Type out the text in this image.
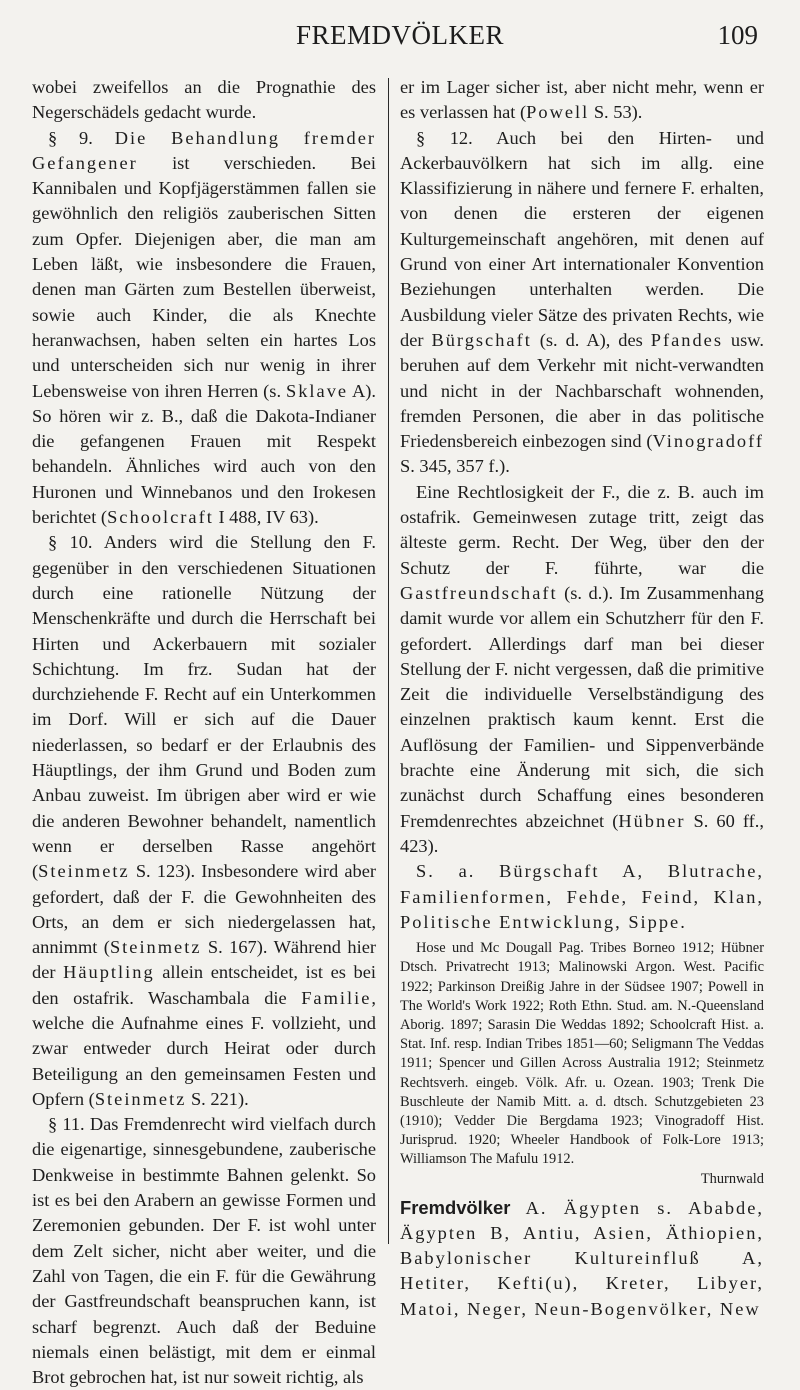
FREMDVÖLKER	109

wobei zweifellos an die Prognathie des Negerschädels gedacht wurde.

§ 9. Die Behandlung fremder Gefangener ist verschieden. Bei Kannibalen und Kopfjägerstämmen fallen sie gewöhnlich den religiös zauberischen Sitten zum Opfer. Diejenigen aber, die man am Leben läßt, wie insbesondere die Frauen, denen man Gärten zum Bestellen überweist, sowie auch Kinder, die als Knechte heranwachsen, haben selten ein hartes Los und unterscheiden sich nur wenig in ihrer Lebensweise von ihren Herren (s. Sklave A). So hören wir z. B., daß die Dakota-Indianer die gefangenen Frauen mit Respekt behandeln. Ähnliches wird auch von den Huronen und Winnebanos und den Irokesen berichtet (Schoolcraft I 488, IV 63).

§ 10. Anders wird die Stellung den F. gegenüber in den verschiedenen Situationen durch eine rationelle Nützung der Menschenkräfte und durch die Herrschaft bei Hirten und Ackerbauern mit sozialer Schichtung. Im frz. Sudan hat der durchziehende F. Recht auf ein Unterkommen im Dorf. Will er sich auf die Dauer niederlassen, so bedarf er der Erlaubnis des Häuptlings, der ihm Grund und Boden zum Anbau zuweist. Im übrigen aber wird er wie die anderen Bewohner behandelt, namentlich wenn er derselben Rasse angehört (Steinmetz S. 123). Insbesondere wird aber gefordert, daß der F. die Gewohnheiten des Orts, an dem er sich niedergelassen hat, annimmt (Steinmetz S. 167). Während hier der Häuptling allein entscheidet, ist es bei den ostafrik. Waschambala die Familie, welche die Aufnahme eines F. vollzieht, und zwar entweder durch Heirat oder durch Beteiligung an den gemeinsamen Festen und Opfern (Steinmetz S. 221).

§ 11. Das Fremdenrecht wird vielfach durch die eigenartige, sinnesgebundene, zauberische Denkweise in bestimmte Bahnen gelenkt. So ist es bei den Arabern an gewisse Formen und Zeremonien gebunden. Der F. ist wohl unter dem Zelt sicher, nicht aber weiter, und die Zahl von Tagen, die ein F. für die Gewährung der Gastfreundschaft beanspruchen kann, ist scharf begrenzt. Auch daß der Beduine niemals einen belästigt, mit dem er einmal Brot gebrochen hat, ist nur soweit richtig, als

er im Lager sicher ist, aber nicht mehr, wenn er es verlassen hat (Powell S. 53).

§ 12. Auch bei den Hirten- und Ackerbauvölkern hat sich im allg. eine Klassifizierung in nähere und fernere F. erhalten, von denen die ersteren der eigenen Kulturgemeinschaft angehören, mit denen auf Grund von einer Art internationaler Konvention Beziehungen unterhalten werden. Die Ausbildung vieler Sätze des privaten Rechts, wie der Bürgschaft (s. d. A), des Pfandes usw. beruhen auf dem Verkehr mit nicht-verwandten und nicht in der Nachbarschaft wohnenden, fremden Personen, die aber in das politische Friedensbereich einbezogen sind (Vinogradoff S. 345, 357 f.).

Eine Rechtlosigkeit der F., die z. B. auch im ostafrik. Gemeinwesen zutage tritt, zeigt das älteste germ. Recht. Der Weg, über den der Schutz der F. führte, war die Gastfreundschaft (s. d.). Im Zusammenhang damit wurde vor allem ein Schutzherr für den F. gefordert. Allerdings darf man bei dieser Stellung der F. nicht vergessen, daß die primitive Zeit die individuelle Verselbständigung des einzelnen praktisch kaum kennt. Erst die Auflösung der Familien- und Sippenverbände brachte eine Änderung mit sich, die sich zunächst durch Schaffung eines besonderen Fremdenrechtes abzeichnet (Hübner S. 60 ff., 423).

S. a. Bürgschaft A, Blutrache, Familienformen, Fehde, Feind, Klan, Politische Entwicklung, Sippe.

Hose und Mc Dougall Pag. Tribes Borneo 1912; Hübner Dtsch. Privatrecht 1913; Malinowski Argon. West. Pacific 1922; Parkinson Dreißig Jahre in der Südsee 1907; Powell in The World's Work 1922; Roth Ethn. Stud. am. N.-Queensland Aborig. 1897; Sarasin Die Weddas 1892; Schoolcraft Hist. a. Stat. Inf. resp. Indian Tribes 1851—60; Seligmann The Veddas 1911; Spencer und Gillen Across Australia 1912; Steinmetz Rechtsverh. eingeb. Völk. Afr. u. Ozean. 1903; Trenk Die Buschleute der Namib Mitt. a. d. dtsch. Schutzgebieten 23 (1910); Vedder Die Bergdama 1923; Vinogradoff Hist. Jurisprud. 1920; Wheeler Handbook of Folk-Lore 1913; Williamson The Mafulu 1912.

Thurnwald

Fremdvölker A. Ägypten s. Ababde, Ägypten B, Antiu, Asien, Äthiopien, Babylonischer Kultureinfluß A, Hetiter, Kefti(u), Kreter, Libyer, Matoi, Neger, Neun-Bogenvölker, New
